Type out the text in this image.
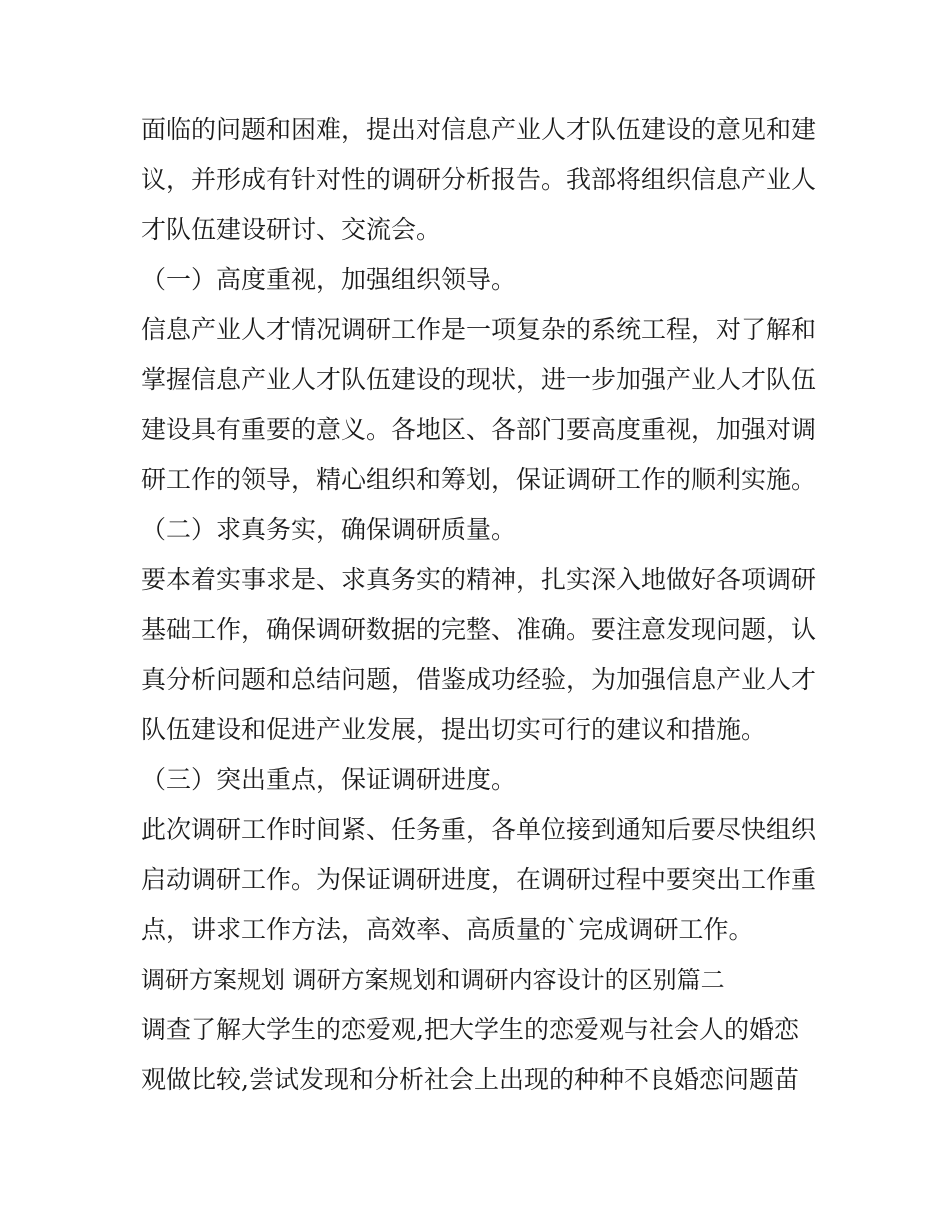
面临的问题和困难，提出对信息产业人才队伍建设的意见和建
议，并形成有针对性的调研分析报告。我部将组织信息产业人
才队伍建设研讨、交流会。
（一）高度重视，加强组织领导。
信息产业人才情况调研工作是一项复杂的系统工程，对了解和
掌握信息产业人才队伍建设的现状，进一步加强产业人才队伍
建设具有重要的意义。各地区、各部门要高度重视，加强对调
研工作的领导，精心组织和筹划，保证调研工作的顺利实施。
（二）求真务实，确保调研质量。
要本着实事求是、求真务实的精神，扎实深入地做好各项调研
基础工作，确保调研数据的完整、准确。要注意发现问题，认
真分析问题和总结问题，借鉴成功经验，为加强信息产业人才
队伍建设和促进产业发展，提出切实可行的建议和措施。
（三）突出重点，保证调研进度。
此次调研工作时间紧、任务重，各单位接到通知后要尽快组织
启动调研工作。为保证调研进度，在调研过程中要突出工作重
点，讲求工作方法，高效率、高质量的`完成调研工作。
调研方案规划 调研方案规划和调研内容设计的区别篇二
调查了解大学生的恋爱观,把大学生的恋爱观与社会人的婚恋
观做比较,尝试发现和分析社会上出现的种种不良婚恋问题苗
